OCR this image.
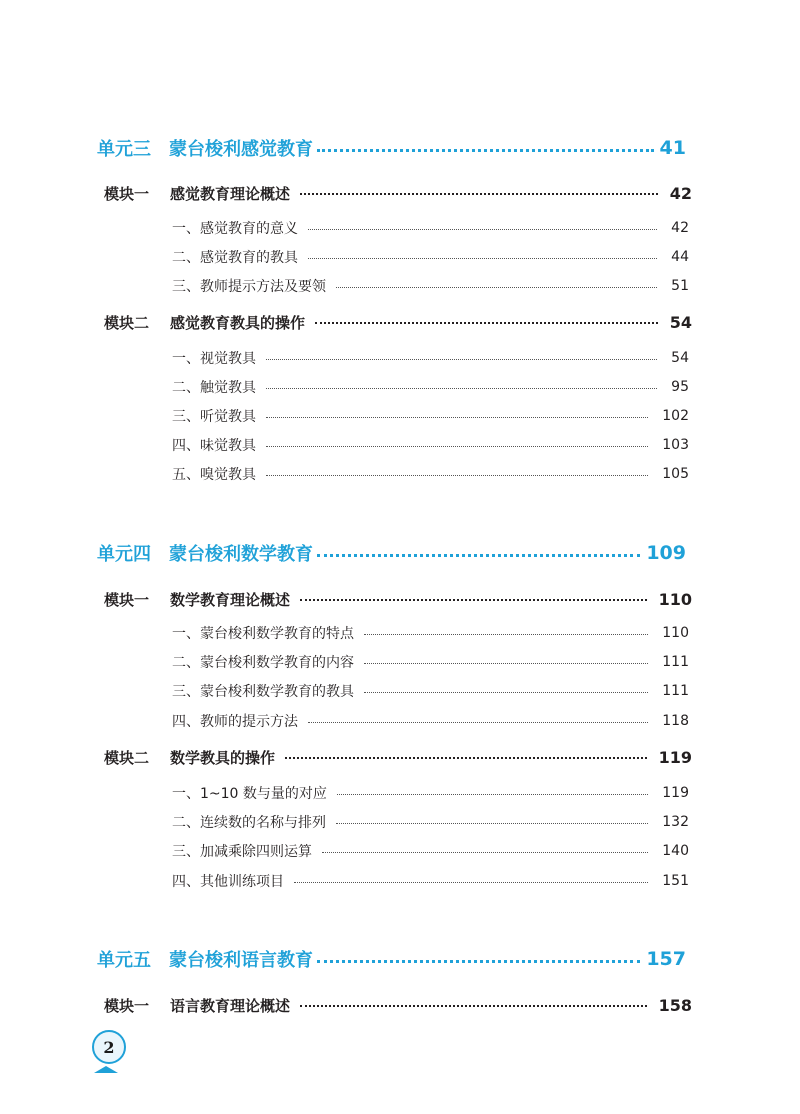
单元三	蒙台梭利感觉教育	41
模块一	感觉教育理论概述	42
一、感觉教育的意义	42
二、感觉教育的教具	44
三、教师提示方法及要领	51
模块二	感觉教育教具的操作	54
一、视觉教具	54
二、触觉教具	95
三、听觉教具	102
四、味觉教具	103
五、嗅觉教具	105
单元四	蒙台梭利数学教育	109
模块一	数学教育理论概述	110
一、蒙台梭利数学教育的特点	110
二、蒙台梭利数学教育的内容	111
三、蒙台梭利数学教育的教具	111
四、教师的提示方法	118
模块二	数学教具的操作	119
一、1~10 数与量的对应	119
二、连续数的名称与排列	132
三、加减乘除四则运算	140
四、其他训练项目	151
单元五	蒙台梭利语言教育	157
模块一	语言教育理论概述	158
2
